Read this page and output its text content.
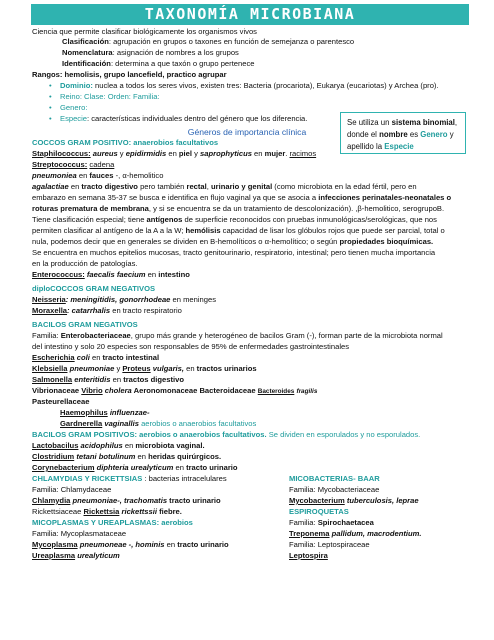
TAXONOMÍA MICROBIANA
Ciencia que permite clasificar biológicamente los organismos vivos
Clasificación: agrupación en grupos o taxones en función de semejanza o parentesco
Nomenclatura: asignación de nombres a los grupos
Identificación: determina a que taxón o grupo pertenece
Rangos: hemolisis, grupo lancefield, practico agrupar
• Dominio: nuclea a todos los seres vivos, existen tres: Bacteria (procariota), Eukarya (eucariotas) y Archea (pro).
• Reino: Clase: Orden: Familia:
• Genero:
• Especie: características individuales dentro del género que los diferencia.	Se utiliza un sistema binomial, donde el nombre es Genero y apellido la Especie
Géneros de importancia clínica
COCCOS GRAM POSITIVO: anaerobios facultativos
Staphilococcus: aureus y epidirmidis en piel y saprophyticus en mujer. racimos
Streptococcus: cadena
pneumoniea en fauces -, α-hemolitico
agalactiae en tracto digestivo pero también rectal, urinario y genital (como microbiota en la edad fértil, pero en
embarazo en semana 35-37 se busca e identifica en flujo vaginal ya que se asocia a infecciones perinatales-neonatales o
roturas prematura de membrana, y si se encuentra se da un tratamiento de descolonización). ,β-hemolitico, serogrupoB.
Tiene clasificación especial; tiene antígenos de superficie reconocidos con pruebas inmunológicas/serológicas, que nos
permiten clasificar al antígeno de la A a la W; hemólisis capacidad de lisar los glóbulos rojos que puede ser parcial, total o
nula, podemos decir que en generales se dividen en B-hemolíticos o α-hemolítico; o según propiedades bioquímicas.
Se encuentra en muchos epitelios mucosas, tracto genitourinario, respiratorio, intestinal; pero tienen mucha importancia
en la producción de patologías.
Enterococcus: faecalis faecium en intestino
diploCOCCOS GRAM NEGATIVOS
Neisseria: meningitidis, gonorrhodeae en meninges
Moraxella: catarrhalis en tracto respiratorio
BACILOS GRAM NEGATIVOS
Familia: Enterobacteriaceae, grupo más grande y heterogéneo de bacilos Gram (-), forman parte de la microbiota normal
del intestino y solo 20 especies son responsables de 95% de enfermedades gastrointestinales
Escherichia coli en tracto intestinal
Klebsiella pneumoniae y Proteus vulgaris, en tractos urinarios
Salmonella enteritidis en tractos digestivo
Vibrionaceae Vibrio cholera Aeronomonaceae Bacteroidaceae Bacteroides fragilis
Pasteurellaceae
Haemophilus influenzae-
Gardnerella vaginallis aerobios o anaerobios facultativos
BACILOS GRAM POSITIVOS: aerobios o anaerobios facultativos. Se dividen en esporulados y no esporulados.
Lactobacilus acidophilus en microbiota vaginal.
Clostridium tetani botulinum en heridas quirúrgicos.
Corynebacterium diphteria urealyticum en tracto urinario
CHLAMYDIAS Y RICKETTSIAS : bacterias intracelulares
Familia: Chlamydaceae
Chlamydia pneumoniae-, trachomatis tracto urinario
Rickettsiaceae Rickettsia rickettssii fiebre.
MICOPLASMAS Y UREAPLASMAS: aerobios
Familia: Mycoplasmataceae
Mycoplasma pneumoneae -, hominis en tracto urinario
Ureaplasma urealyticum
MICOBACTERIAS- BAAR
Familia: Mycobacteriaceae
Mycobacterium tuberculosis, leprae
ESPIROQUETAS
Familia: Spirochaetacea
Treponema pallidum, macrodentium.
Familia: Leptospiraceae
Leptospira
